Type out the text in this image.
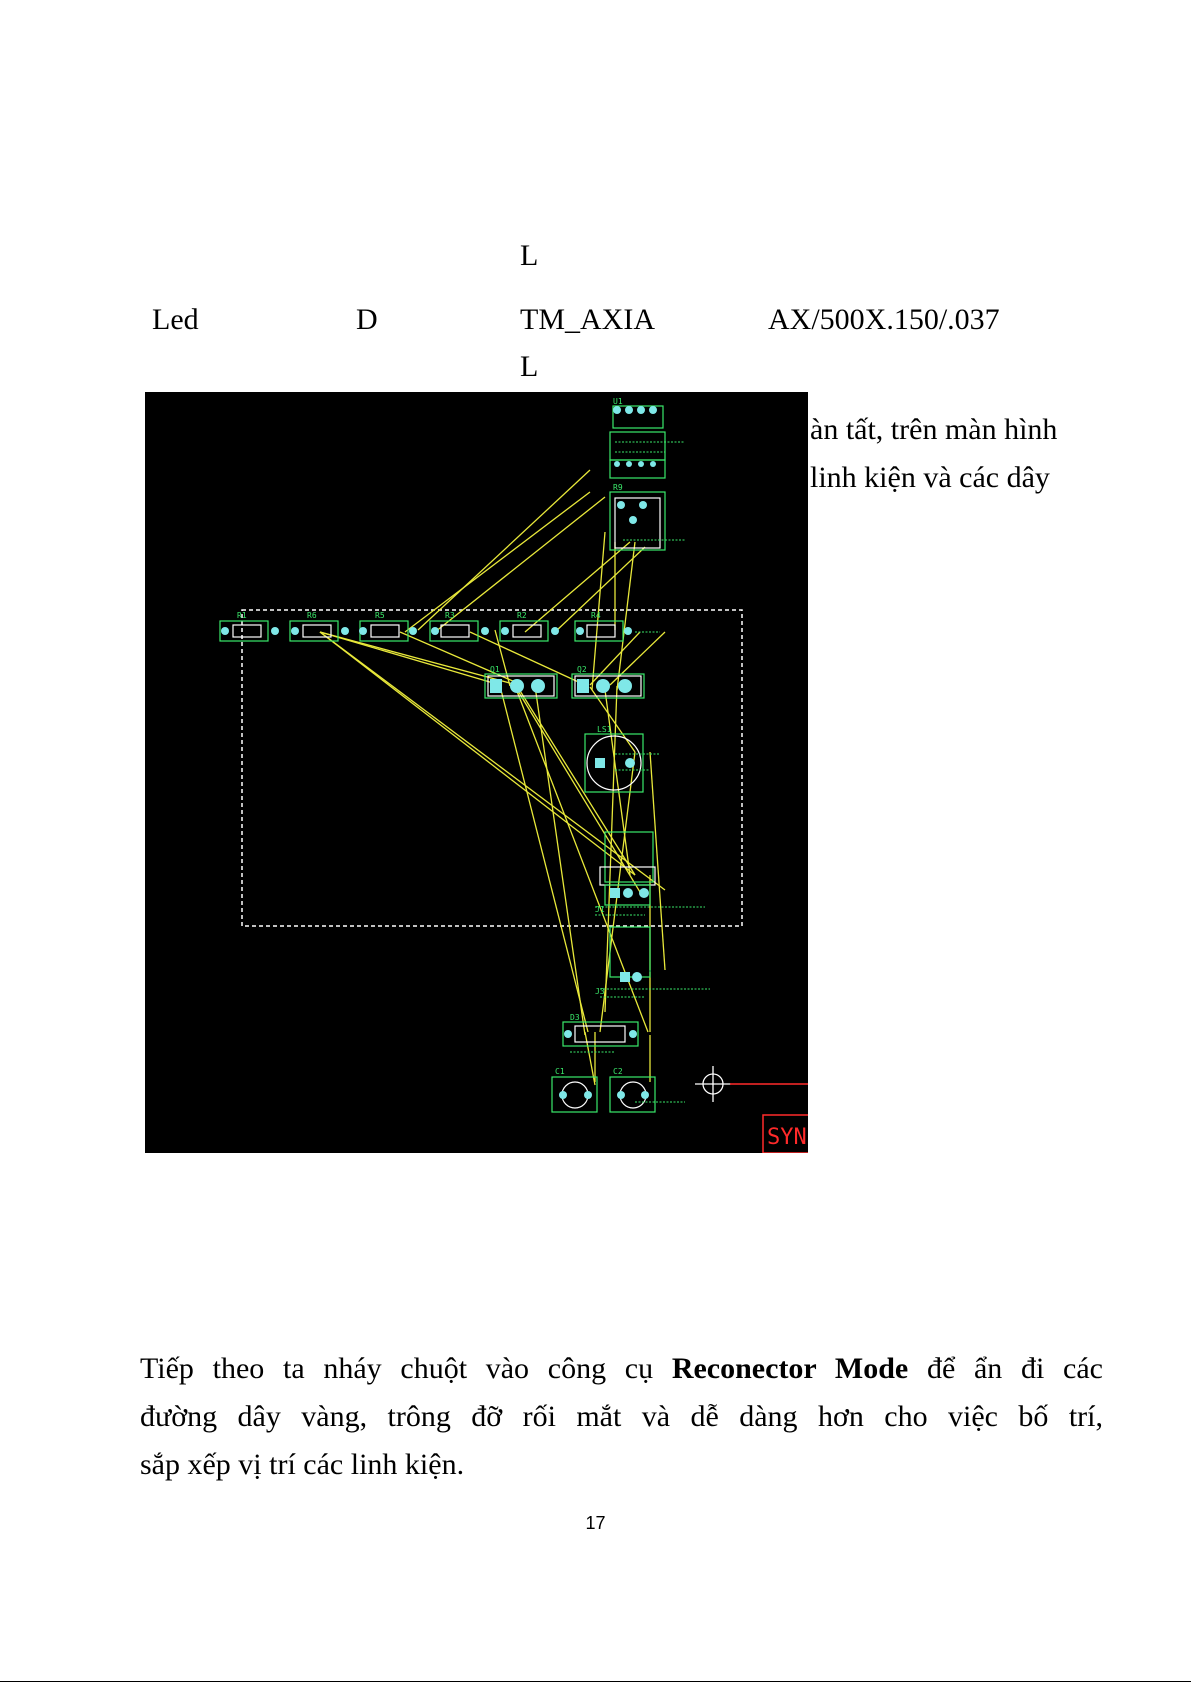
L
Led	D	TM_AXIA	AX/500X.150/.037
L
àn tất, trên màn hình
linh kiện và các dây
U1
R9
R1	R6	R5	R3	R2	R4
Q1	Q2
LS1
J1
J3
D3
C1	C2
SYN
Tiếp theo ta nháy chuột vào công cụ Reconector Mode để ẩn đi các
đường dây vàng, trông đỡ rối mắt và dễ dàng hơn cho việc bố trí,
sắp xếp vị trí các linh kiện.
17
